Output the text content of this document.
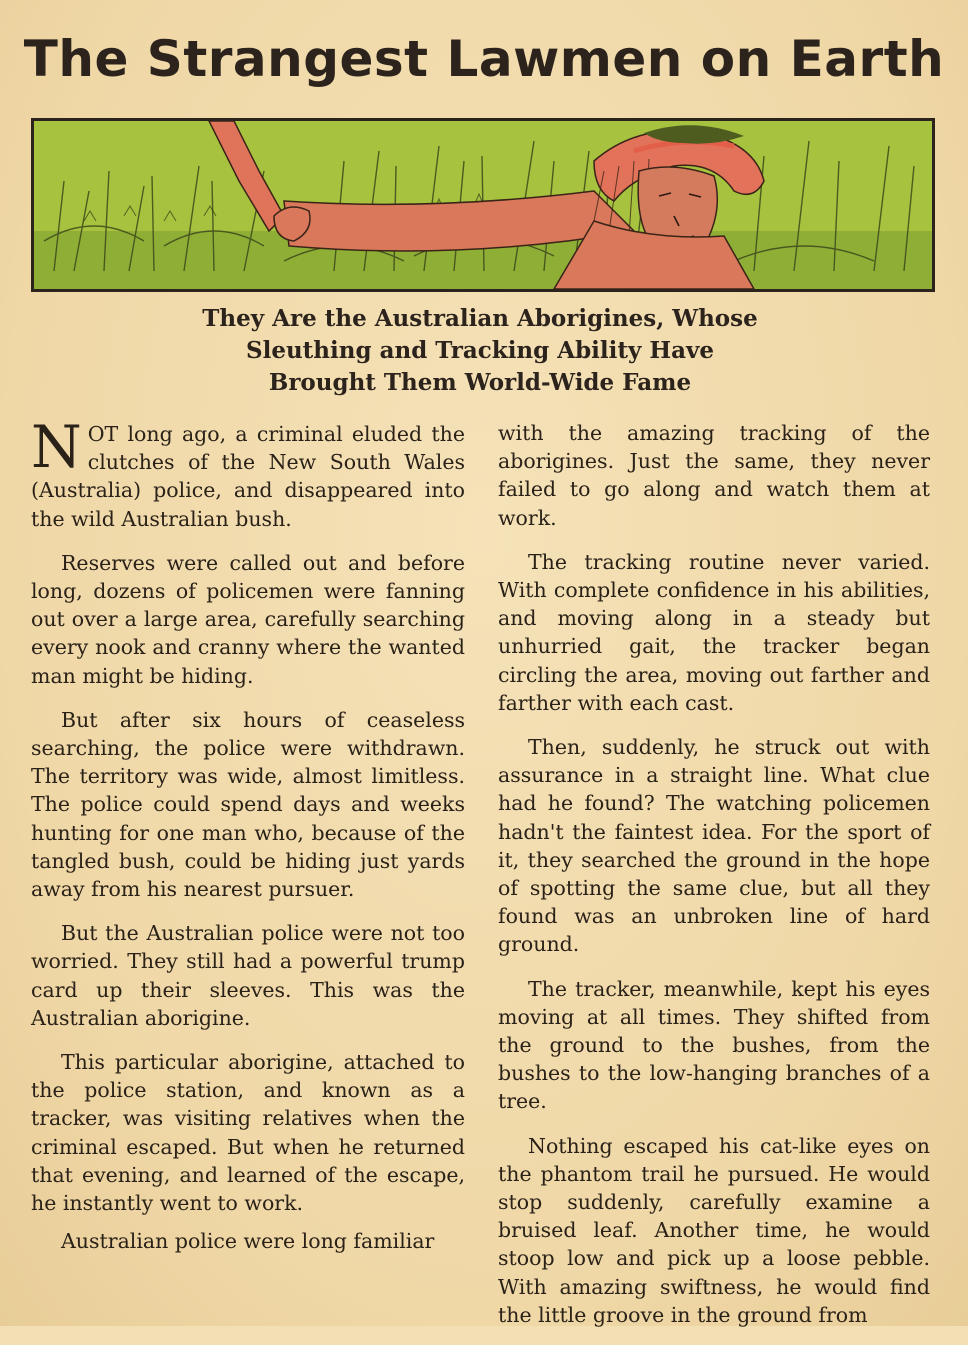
The Strangest Lawmen on Earth
They Are the Australian Aborigines, Whose
Sleuthing and Tracking Ability Have
Brought Them World-Wide Fame

NOT long ago, a criminal eluded the clutches of the New South Wales (Australia) police, and disappeared into the wild Australian bush.

Reserves were called out and before long, dozens of policemen were fanning out over a large area, carefully searching every nook and cranny where the wanted man might be hiding.

But after six hours of ceaseless searching, the police were withdrawn. The territory was wide, almost limitless. The police could spend days and weeks hunting for one man who, because of the tangled bush, could be hiding just yards away from his nearest pursuer.

But the Australian police were not too worried. They still had a powerful trump card up their sleeves. This was the Australian aborigine.

This particular aborigine, attached to the police station, and known as a tracker, was visiting relatives when the criminal escaped. But when he returned that evening, and learned of the escape, he instantly went to work.

Australian police were long familiar

with the amazing tracking of the aborigines. Just the same, they never failed to go along and watch them at work.

The tracking routine never varied. With complete confidence in his abilities, and moving along in a steady but unhurried gait, the tracker began circling the area, moving out farther and farther with each cast.

Then, suddenly, he struck out with assurance in a straight line. What clue had he found? The watching policemen hadn't the faintest idea. For the sport of it, they searched the ground in the hope of spotting the same clue, but all they found was an unbroken line of hard ground.

The tracker, meanwhile, kept his eyes moving at all times. They shifted from the ground to the bushes, from the bushes to the low-hanging branches of a tree.

Nothing escaped his cat-like eyes on the phantom trail he pursued. He would stop suddenly, carefully examine a bruised leaf. Another time, he would stoop low and pick up a loose pebble. With amazing swiftness, he would find the little groove in the ground from
